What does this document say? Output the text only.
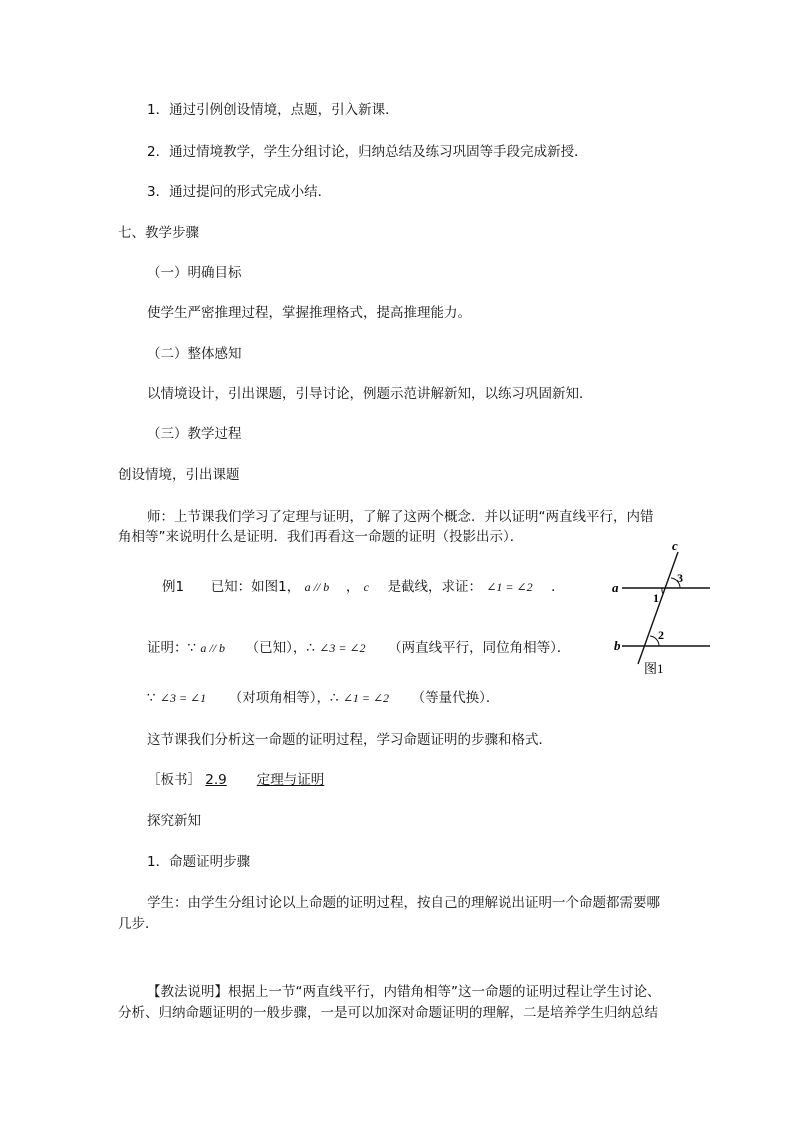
1．通过引例创设情境，点题，引入新课．
2．通过情境教学，学生分组讨论，归纳总结及练习巩固等手段完成新授．
3．通过提问的形式完成小结．
七、教学步骤
（一）明确目标
使学生严密推理过程，掌握推理格式，提高推理能力。
（二）整体感知
以情境设计，引出课题，引导讨论，例题示范讲解新知，以练习巩固新知．
（三）教学过程
创设情境，引出课题
师：上节课我们学习了定理与证明，了解了这两个概念．并以证明“两直线平行，内错
角相等”来说明什么是证明．我们再看这一命题的证明（投影出示）．
例1 已知：如图1， a // b ， c 是截线，求证： ∠1 = ∠2 ．
证明：∵ a // b （已知），∴ ∠3 = ∠2 （两直线平行，同位角相等）．
∵ ∠3 = ∠1 （对项角相等），∴ ∠1 = ∠2 （等量代换）．
这节课我们分析这一命题的证明过程，学习命题证明的步骤和格式．
［板书］ 2.9 定理与证明
探究新知
1．命题证明步骤
学生：由学生分组讨论以上命题的证明过程，按自己的理解说出证明一个命题都需要哪
几步．
【教法说明】根据上一节“两直线平行，内错角相等”这一命题的证明过程让学生讨论、
分析、归纳命题证明的一般步骤，一是可以加深对命题证明的理解，二是培养学生归纳总结
a
b
c
3
1
2
图1
